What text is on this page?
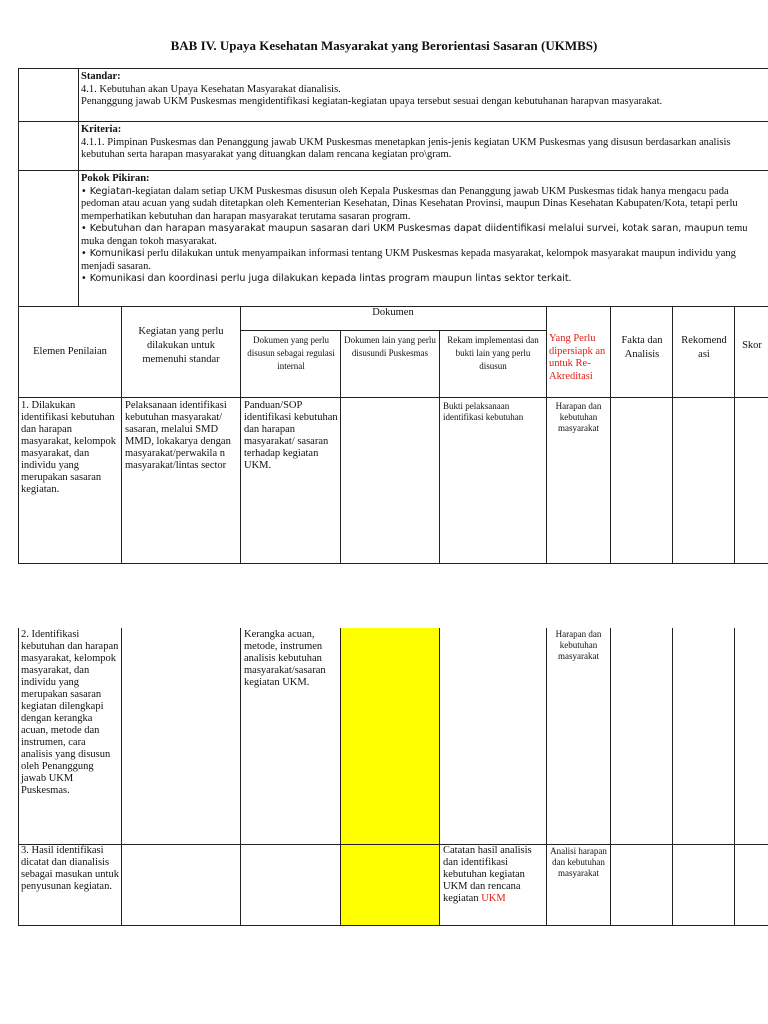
BAB IV. Upaya Kesehatan Masyarakat yang Berorientasi Sasaran (UKMBS)
Standar:
4.1. Kebutuhan akan Upaya Kesehatan Masyarakat dianalisis.
Penanggung jawab UKM Puskesmas mengidentifikasi kegiatan-kegiatan upaya tersebut sesuai dengan kebutuhanan harapvan masyarakat.
Kriteria:
4.1.1. Pimpinan Puskesmas dan Penanggung jawab UKM Puskesmas menetapkan jenis-jenis kegiatan UKM Puskesmas yang disusun berdasarkan analisis kebutuhan serta harapan masyarakat yang dituangkan dalam rencana kegiatan pro\gram.
Pokok Pikiran:
• Kegiatan-kegiatan dalam setiap UKM Puskesmas disusun oleh Kepala Puskesmas dan Penanggung jawab UKM Puskesmas tidak hanya mengacu pada pedoman atau acuan yang sudah ditetapkan oleh Kementerian Kesehatan, Dinas Kesehatan Provinsi, maupun Dinas Kesehatan Kabupaten/Kota, tetapi perlu memperhatikan kebutuhan dan harapan masyarakat terutama sasaran program.
• Kebutuhan dan harapan masyarakat maupun sasaran dari UKM Puskesmas dapat diidentifikasi melalui survei, kotak saran, maupun temu muka dengan tokoh masyarakat.
• Komunikasi perlu dilakukan untuk menyampaikan informasi tentang UKM Puskesmas kepada masyarakat, kelompok masyarakat maupun individu yang menjadi sasaran.
• Komunikasi dan koordinasi perlu juga dilakukan kepada lintas program maupun lintas sektor terkait.
Dokumen
Elemen Penilaian
Kegiatan yang perlu dilakukan untuk memenuhi standar
Dokumen yang perlu disusun sebagai regulasi internal
Dokumen lain yang perlu disusundi Puskesmas
Rekam implementasi dan bukti lain yang perlu disusun
Yang Perlu dipersiapk an untuk Re-Akreditasi
Fakta dan Analisis
Rekomend asi
Skor
1. Dilakukan identifikasi kebutuhan dan harapan masyarakat, kelompok masyarakat, dan individu yang merupakan sasaran kegiatan.
Pelaksanaan identifikasi kebutuhan masyarakat/ sasaran, melalui SMD MMD, lokakarya dengan masyarakat/perwakila n masyarakat/lintas sector
Panduan/SOP identifikasi kebutuhan dan harapan masyarakat/ sasaran terhadap kegiatan UKM.
Bukti pelaksanaan identifikasi kebutuhan
Harapan dan kebutuhan masyarakat
2. Identifikasi kebutuhan dan harapan masyarakat, kelompok masyarakat, dan individu yang merupakan sasaran kegiatan dilengkapi dengan kerangka acuan, metode dan instrumen, cara analisis yang disusun oleh Penanggung jawab UKM Puskesmas.
Kerangka acuan, metode, instrumen analisis kebutuhan masyarakat/sasaran kegiatan UKM.
Harapan dan kebutuhan masyarakat
3. Hasil identifikasi dicatat dan dianalisis sebagai masukan untuk penyusunan kegiatan.
Catatan hasil analisis dan identifikasi kebutuhan kegiatan UKM dan rencana kegiatan UKM
Analisi harapan dan kebutuhan masyarakat
